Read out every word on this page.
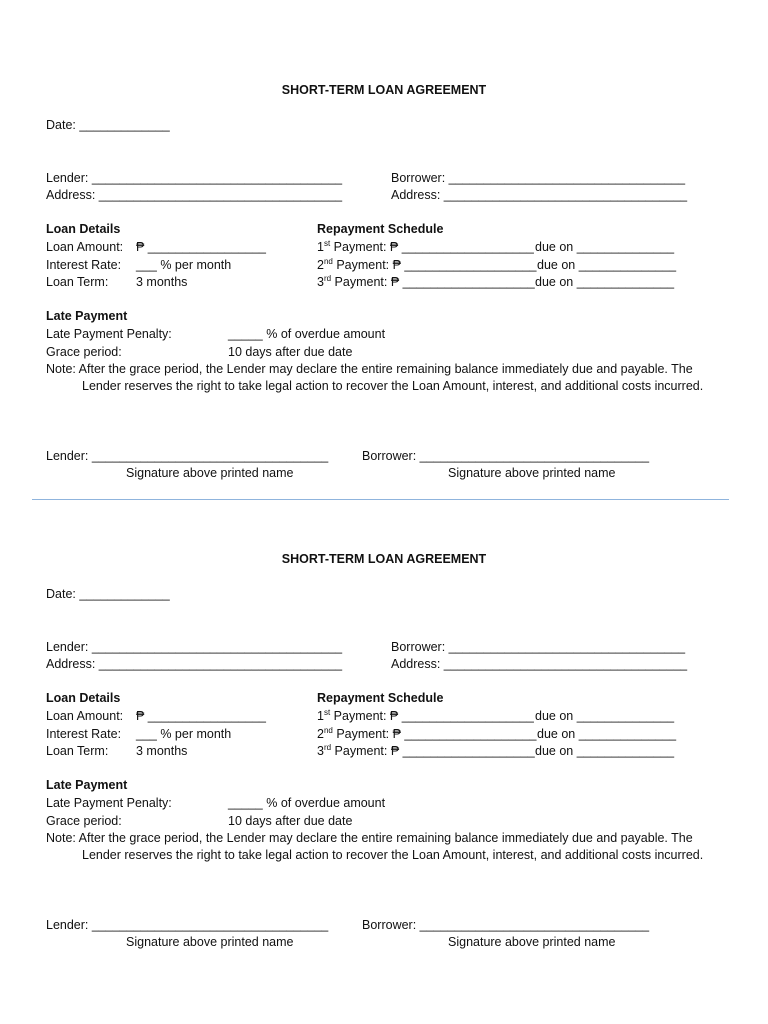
SHORT-TERM LOAN AGREEMENT
Date: _____________
Lender: ____________________________________
Address: ___________________________________
Borrower: __________________________________
Address: ___________________________________
Loan Details
Loan Amount: ₱ _________________
Interest Rate: ___ % per month
Loan Term: 3 months
Repayment Schedule
1st Payment: ₱ ___________________ due on ______________
2nd Payment: ₱ ___________________ due on ______________
3rd Payment: ₱ ___________________ due on ______________
Late Payment
Late Payment Penalty:	_____ % of overdue amount
Grace period:	10 days after due date
Note: After the grace period, the Lender may declare the entire remaining balance immediately due and payable. The
Lender reserves the right to take legal action to recover the Loan Amount, interest, and additional costs incurred.
Lender: __________________________________
Signature above printed name
Borrower: _________________________________
Signature above printed name
SHORT-TERM LOAN AGREEMENT
Date: _____________
Lender: ____________________________________
Address: ___________________________________
Borrower: __________________________________
Address: ___________________________________
Loan Details
Loan Amount: ₱ _________________
Interest Rate: ___ % per month
Loan Term: 3 months
Repayment Schedule
1st Payment: ₱ ___________________ due on ______________
2nd Payment: ₱ ___________________ due on ______________
3rd Payment: ₱ ___________________ due on ______________
Late Payment
Late Payment Penalty:	_____ % of overdue amount
Grace period:	10 days after due date
Note: After the grace period, the Lender may declare the entire remaining balance immediately due and payable. The
Lender reserves the right to take legal action to recover the Loan Amount, interest, and additional costs incurred.
Lender: __________________________________
Signature above printed name
Borrower: _________________________________
Signature above printed name
